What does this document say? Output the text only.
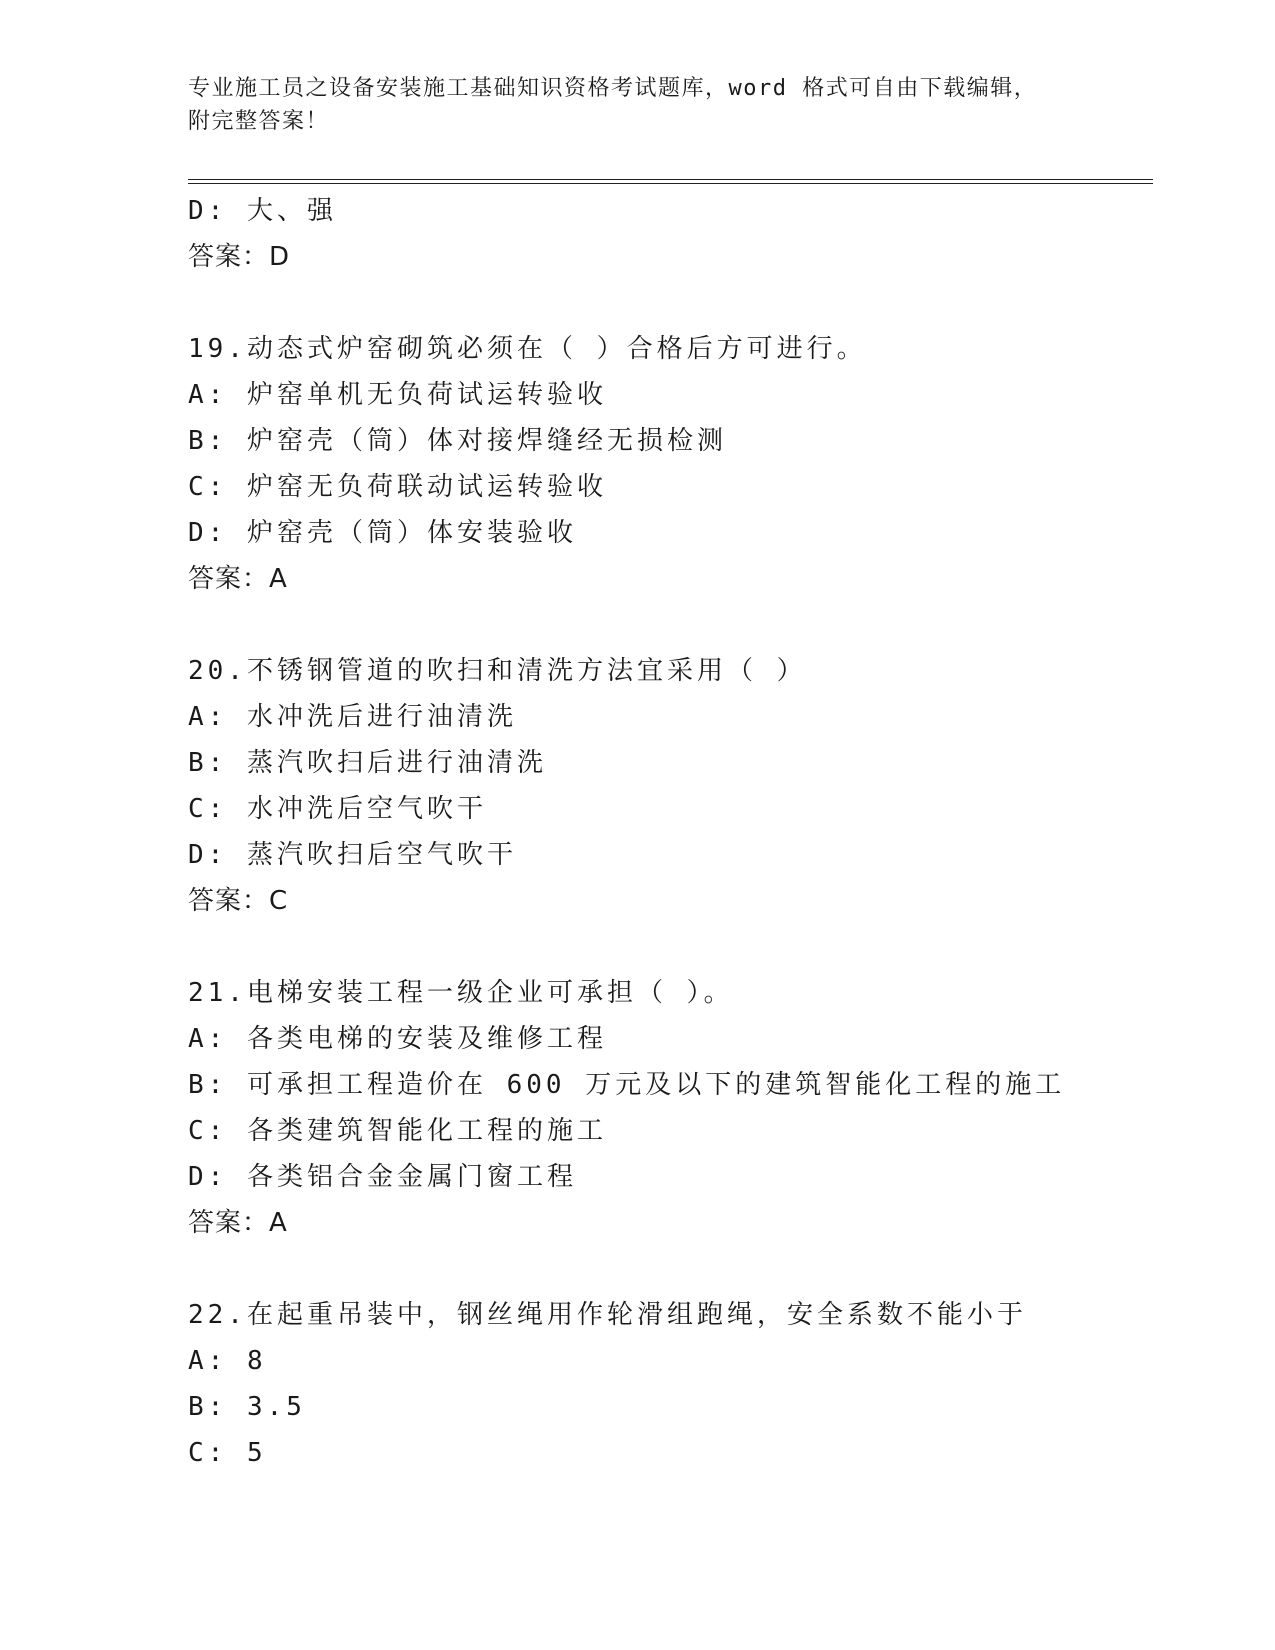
专业施工员之设备安装施工基础知识资格考试题库，word 格式可自由下载编辑，
附完整答案！
D: 大、强
答案：D
19.动态式炉窑砌筑必须在（ ）合格后方可进行。
A: 炉窑单机无负荷试运转验收
B: 炉窑壳（筒）体对接焊缝经无损检测
C: 炉窑无负荷联动试运转验收
D: 炉窑壳（筒）体安装验收
答案：A
20.不锈钢管道的吹扫和清洗方法宜采用（ ）
A: 水冲洗后进行油清洗
B: 蒸汽吹扫后进行油清洗
C: 水冲洗后空气吹干
D: 蒸汽吹扫后空气吹干
答案：C
21.电梯安装工程一级企业可承担（ ）。
A: 各类电梯的安装及维修工程
B: 可承担工程造价在 600 万元及以下的建筑智能化工程的施工
C: 各类建筑智能化工程的施工
D: 各类铝合金金属门窗工程
答案：A
22.在起重吊装中，钢丝绳用作轮滑组跑绳，安全系数不能小于
A: 8
B: 3.5
C: 5
